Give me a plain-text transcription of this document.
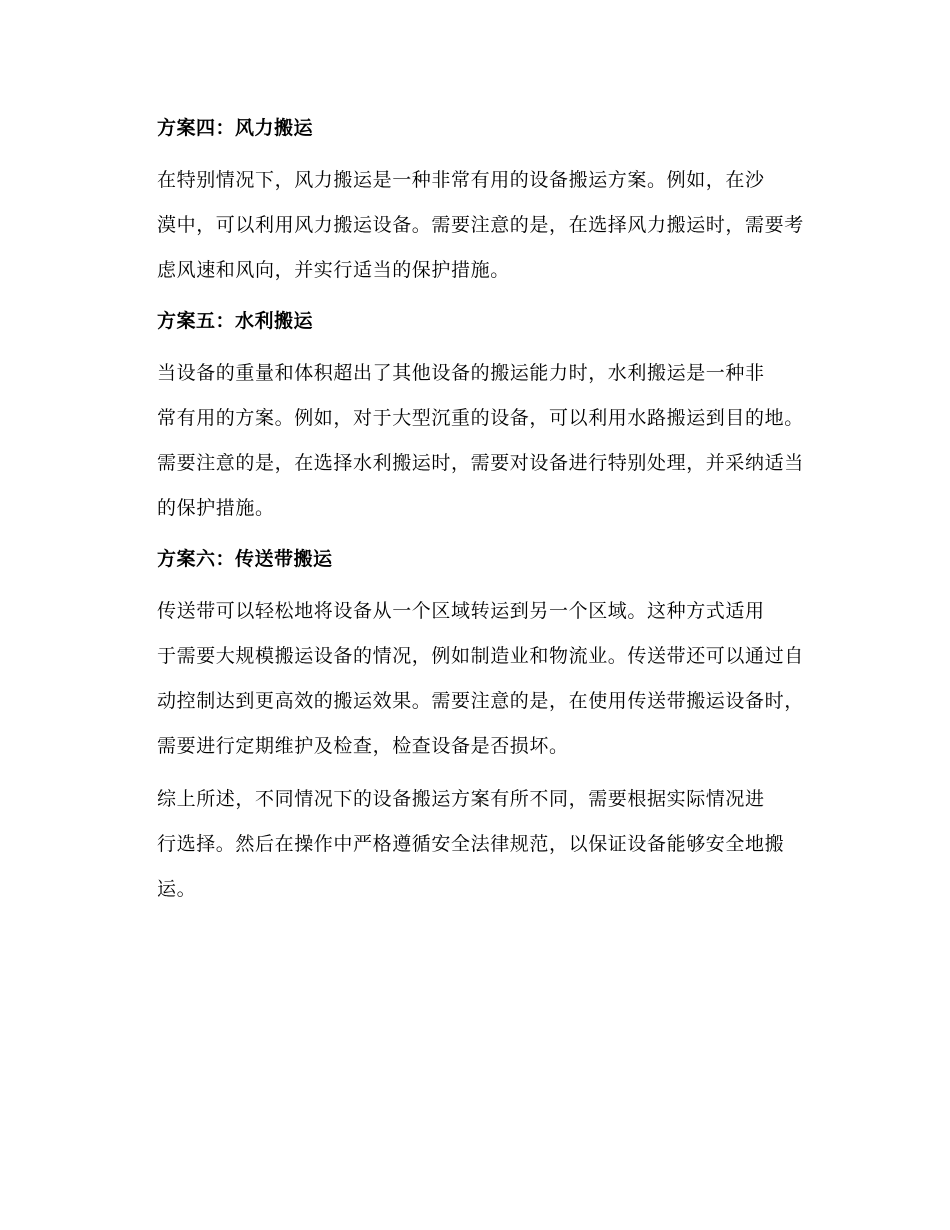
方案四：风力搬运

在特别情况下，风力搬运是一种非常有用的设备搬运方案。例如，在沙
漠中，可以利用风力搬运设备。需要注意的是，在选择风力搬运时，需要考
虑风速和风向，并实行适当的保护措施。

方案五：水利搬运

当设备的重量和体积超出了其他设备的搬运能力时，水利搬运是一种非
常有用的方案。例如，对于大型沉重的设备，可以利用水路搬运到目的地。
需要注意的是，在选择水利搬运时，需要对设备进行特别处理，并采纳适当
的保护措施。

方案六：传送带搬运

传送带可以轻松地将设备从一个区域转运到另一个区域。这种方式适用
于需要大规模搬运设备的情况，例如制造业和物流业。传送带还可以通过自
动控制达到更高效的搬运效果。需要注意的是，在使用传送带搬运设备时，
需要进行定期维护及检查，检查设备是否损坏。

综上所述，不同情况下的设备搬运方案有所不同，需要根据实际情况进
行选择。然后在操作中严格遵循安全法律规范，以保证设备能够安全地搬
运。
